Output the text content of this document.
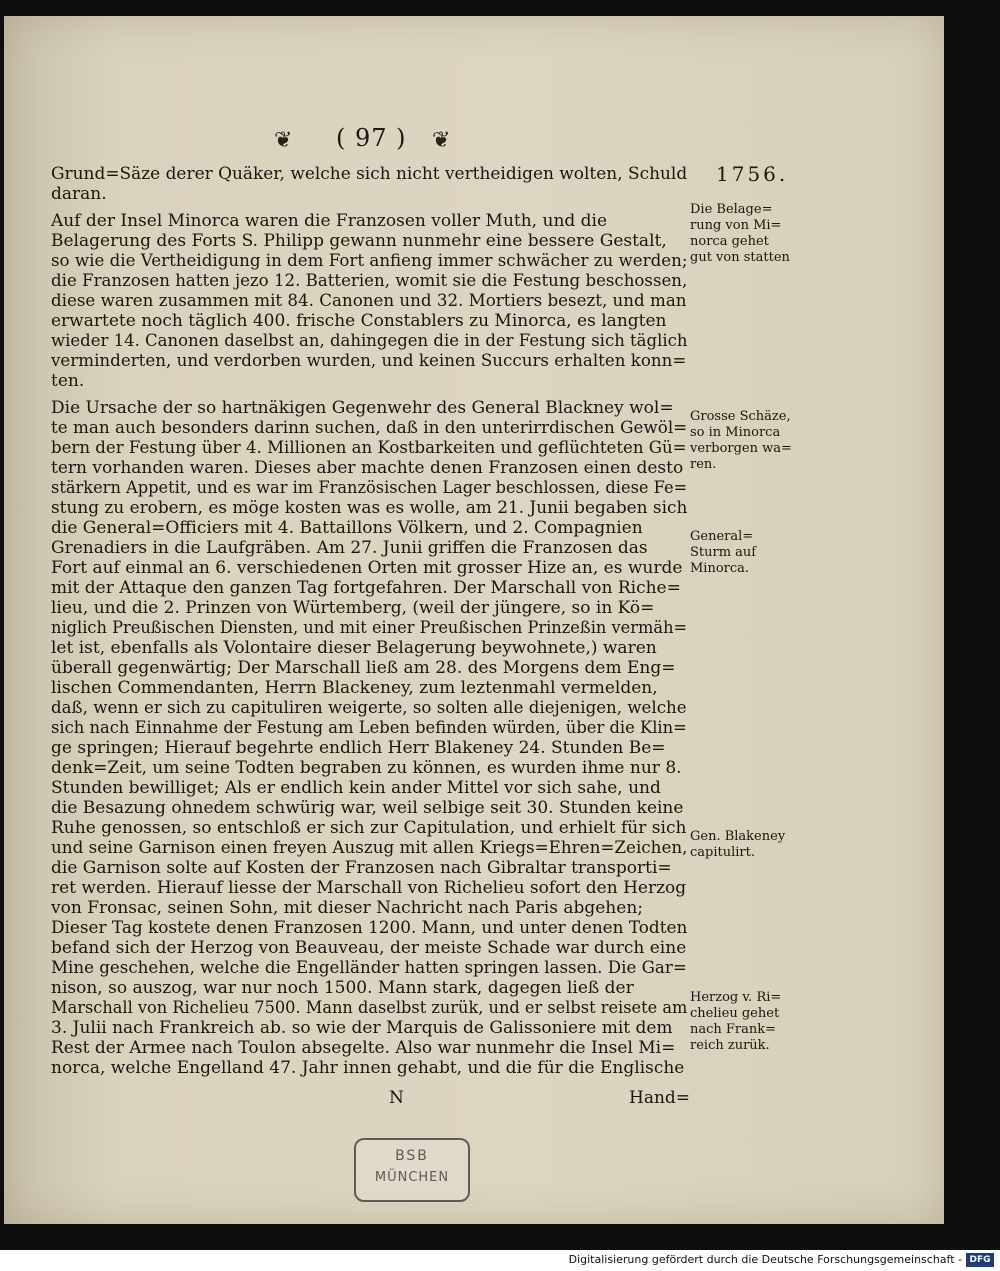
❦ ( 97 ) ❦
1756.
Grund=Säze derer Quäker, welche sich nicht vertheidigen wolten, Schuld
daran.
Auf der Insel Minorca waren die Franzosen voller Muth, und die
Belagerung des Forts S. Philipp gewann nunmehr eine bessere Gestalt,
so wie die Vertheidigung in dem Fort anfieng immer schwächer zu werden;
die Franzosen hatten jezo 12. Batterien, womit sie die Festung beschossen,
diese waren zusammen mit 84. Canonen und 32. Mortiers besezt, und man
erwartete noch täglich 400. frische Constablers zu Minorca, es langten
wieder 14. Canonen daselbst an, dahingegen die in der Festung sich täglich
verminderten, und verdorben wurden, und keinen Succurs erhalten konn=
ten.
Die Ursache der so hartnäkigen Gegenwehr des General Blackney wol=
te man auch besonders darinn suchen, daß in den unterirrdischen Gewöl=
bern der Festung über 4. Millionen an Kostbarkeiten und geflüchteten Gü=
tern vorhanden waren. Dieses aber machte denen Franzosen einen desto
stärkern Appetit, und es war im Französischen Lager beschlossen, diese Fe=
stung zu erobern, es möge kosten was es wolle, am 21. Junii begaben sich
die General=Officiers mit 4. Battaillons Völkern, und 2. Compagnien
Grenadiers in die Laufgräben. Am 27. Junii griffen die Franzosen das
Fort auf einmal an 6. verschiedenen Orten mit grosser Hize an, es wurde
mit der Attaque den ganzen Tag fortgefahren. Der Marschall von Riche=
lieu, und die 2. Prinzen von Würtemberg, (weil der jüngere, so in Kö=
niglich Preußischen Diensten, und mit einer Preußischen Prinzeßin vermäh=
let ist, ebenfalls als Volontaire dieser Belagerung beywohnete,) waren
überall gegenwärtig; Der Marschall ließ am 28. des Morgens dem Eng=
lischen Commendanten, Herrn Blackeney, zum leztenmahl vermelden,
daß, wenn er sich zu capituliren weigerte, so solten alle diejenigen, welche
sich nach Einnahme der Festung am Leben befinden würden, über die Klin=
ge springen; Hierauf begehrte endlich Herr Blakeney 24. Stunden Be=
denk=Zeit, um seine Todten begraben zu können, es wurden ihme nur 8.
Stunden bewilliget; Als er endlich kein ander Mittel vor sich sahe, und
die Besazung ohnedem schwürig war, weil selbige seit 30. Stunden keine
Ruhe genossen, so entschloß er sich zur Capitulation, und erhielt für sich
und seine Garnison einen freyen Auszug mit allen Kriegs=Ehren=Zeichen,
die Garnison solte auf Kosten der Franzosen nach Gibraltar transporti=
ret werden. Hierauf liesse der Marschall von Richelieu sofort den Herzog
von Fronsac, seinen Sohn, mit dieser Nachricht nach Paris abgehen;
Dieser Tag kostete denen Franzosen 1200. Mann, und unter denen Todten
befand sich der Herzog von Beauveau, der meiste Schade war durch eine
Mine geschehen, welche die Engelländer hatten springen lassen. Die Gar=
nison, so auszog, war nur noch 1500. Mann stark, dagegen ließ der
Marschall von Richelieu 7500. Mann daselbst zurük, und er selbst reisete am
3. Julii nach Frankreich ab. so wie der Marquis de Galissoniere mit dem
Rest der Armee nach Toulon absegelte. Also war nunmehr die Insel Mi=
norca, welche Engelland 47. Jahr innen gehabt, und die für die Englische
Die Belage=
rung von Mi=
norca gehet
gut von statten
Grosse Schäze,
so in Minorca
verborgen wa=
ren.
General=
Sturm auf
Minorca.
Gen. Blakeney
capitulirt.
Herzog v. Ri=
chelieu gehet
nach Frank=
reich zurük.
N	Hand=
BSB
MÜNCHEN
Digitalisierung gefördert durch die Deutsche Forschungsgemeinschaft - DFG
